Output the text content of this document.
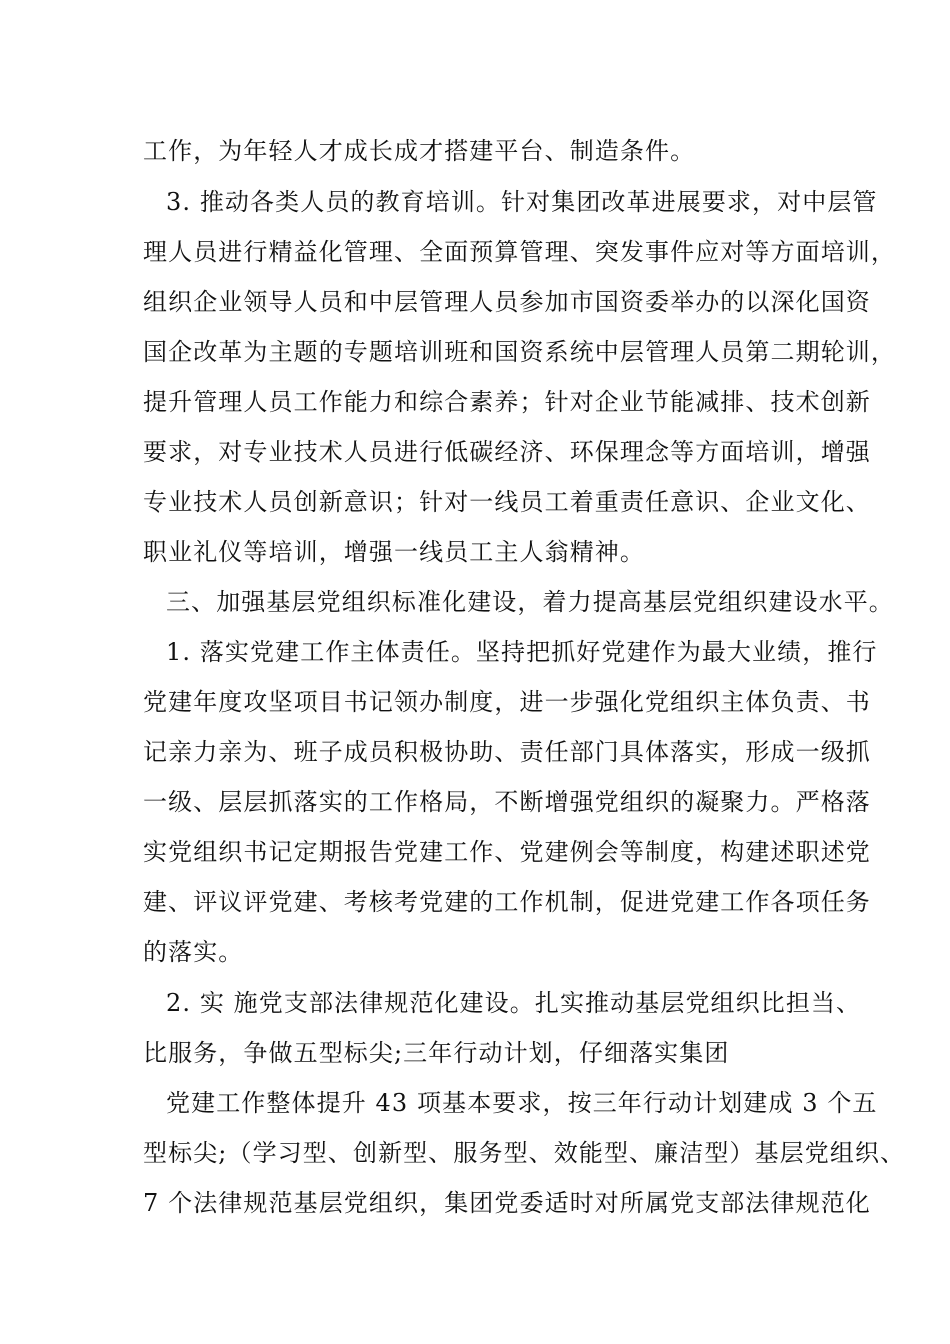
工作，为年轻人才成长成才搭建平台、制造条件。
3. 推动各类人员的教育培训。针对集团改革进展要求，对中层管
理人员进行精益化管理、全面预算管理、突发事件应对等方面培训，
组织企业领导人员和中层管理人员参加市国资委举办的以深化国资
国企改革为主题的专题培训班和国资系统中层管理人员第二期轮训，
提升管理人员工作能力和综合素养；针对企业节能减排、技术创新
要求，对专业技术人员进行低碳经济、环保理念等方面培训，增强
专业技术人员创新意识；针对一线员工着重责任意识、企业文化、
职业礼仪等培训，增强一线员工主人翁精神。
三、加强基层党组织标准化建设，着力提高基层党组织建设水平。
1. 落实党建工作主体责任。坚持把抓好党建作为最大业绩，推行
党建年度攻坚项目书记领办制度，进一步强化党组织主体负责、书
记亲力亲为、班子成员积极协助、责任部门具体落实，形成一级抓
一级、层层抓落实的工作格局，不断增强党组织的凝聚力。严格落
实党组织书记定期报告党建工作、党建例会等制度，构建述职述党
建、评议评党建、考核考党建的工作机制，促进党建工作各项任务
的落实。
2. 实 施党支部法律规范化建设。扎实推动基层党组织比担当、
比服务，争做五型标尖;三年行动计划，仔细落实集团
党建工作整体提升 43 项基本要求，按三年行动计划建成 3 个五
型标尖;（学习型、创新型、服务型、效能型、廉洁型）基层党组织、
7 个法律规范基层党组织，集团党委适时对所属党支部法律规范化
